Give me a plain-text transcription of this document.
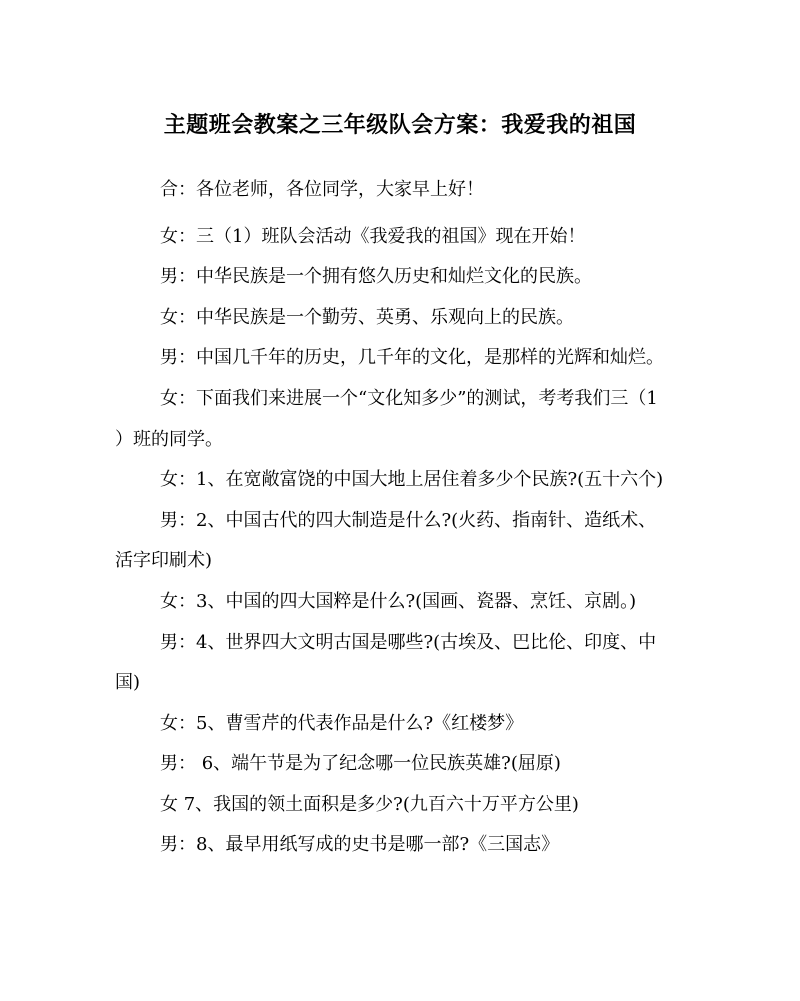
主题班会教案之三年级队会方案：我爱我的祖国
合：各位老师，各位同学，大家早上好！
女：三（1）班队会活动《我爱我的祖国》现在开始！
男：中华民族是一个拥有悠久历史和灿烂文化的民族。
女：中华民族是一个勤劳、英勇、乐观向上的民族。
男：中国几千年的历史，几千年的文化，是那样的光辉和灿烂。
女：下面我们来进展一个“文化知多少”的测试，考考我们三（1
）班的同学。
女：1、在宽敞富饶的中国大地上居住着多少个民族?(五十六个)
男：2、中国古代的四大制造是什么?(火药、指南针、造纸术、
活字印刷术)
女：3、中国的四大国粹是什么?(国画、瓷器、烹饪、京剧。)
男：4、世界四大文明古国是哪些?(古埃及、巴比伦、印度、中
国)
女：5、曹雪芹的代表作品是什么?《红楼梦》
男： 6、端午节是为了纪念哪一位民族英雄?(屈原)
女 7、我国的领土面积是多少?(九百六十万平方公里)
男：8、最早用纸写成的史书是哪一部?《三国志》
